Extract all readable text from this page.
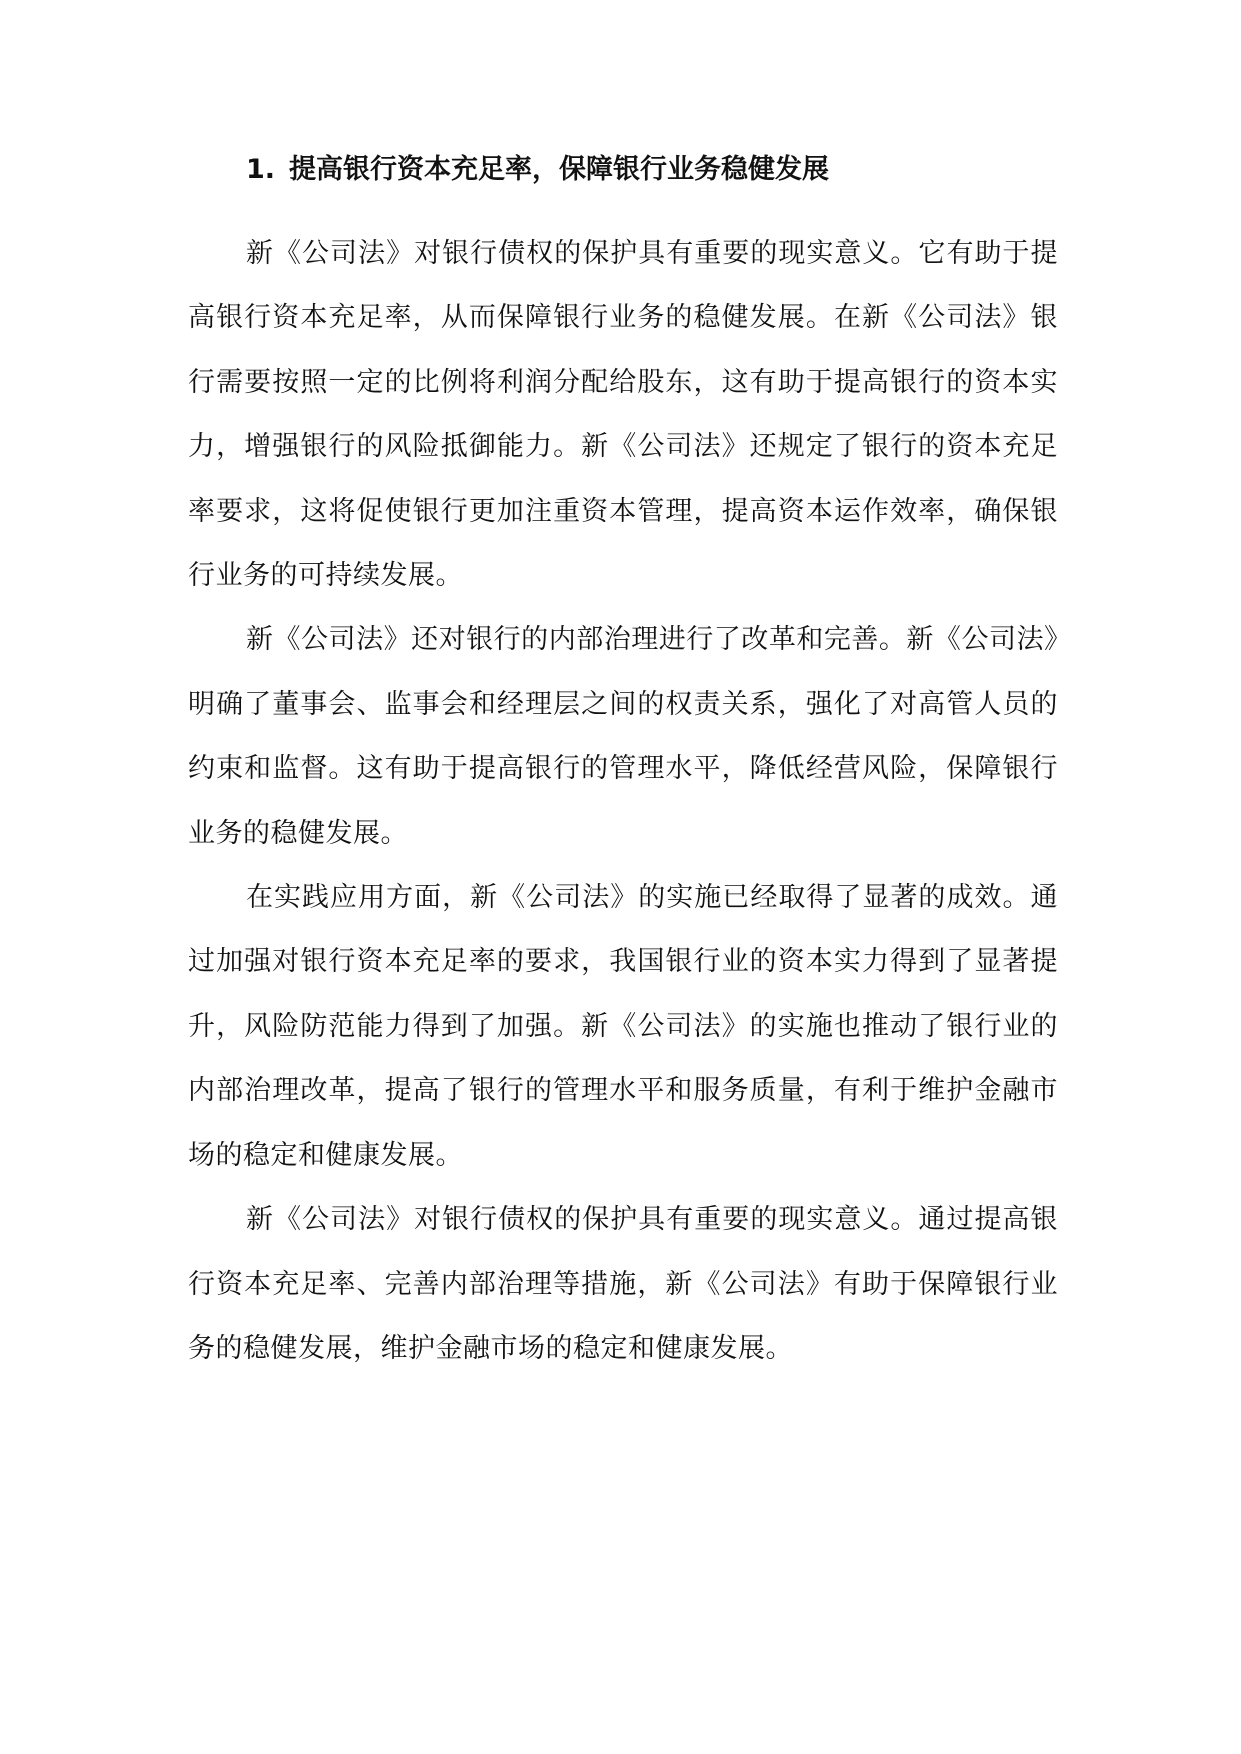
1. 提高银行资本充足率，保障银行业务稳健发展

新《公司法》对银行债权的保护具有重要的现实意义。它有助于提高银行资本充足率，从而保障银行业务的稳健发展。在新《公司法》银行需要按照一定的比例将利润分配给股东，这有助于提高银行的资本实力，增强银行的风险抵御能力。新《公司法》还规定了银行的资本充足率要求，这将促使银行更加注重资本管理，提高资本运作效率，确保银行业务的可持续发展。

新《公司法》还对银行的内部治理进行了改革和完善。新《公司法》明确了董事会、监事会和经理层之间的权责关系，强化了对高管人员的约束和监督。这有助于提高银行的管理水平，降低经营风险，保障银行业务的稳健发展。

在实践应用方面，新《公司法》的实施已经取得了显著的成效。通过加强对银行资本充足率的要求，我国银行业的资本实力得到了显著提升，风险防范能力得到了加强。新《公司法》的实施也推动了银行业的内部治理改革，提高了银行的管理水平和服务质量，有利于维护金融市场的稳定和健康发展。

新《公司法》对银行债权的保护具有重要的现实意义。通过提高银行资本充足率、完善内部治理等措施，新《公司法》有助于保障银行业务的稳健发展，维护金融市场的稳定和健康发展。
